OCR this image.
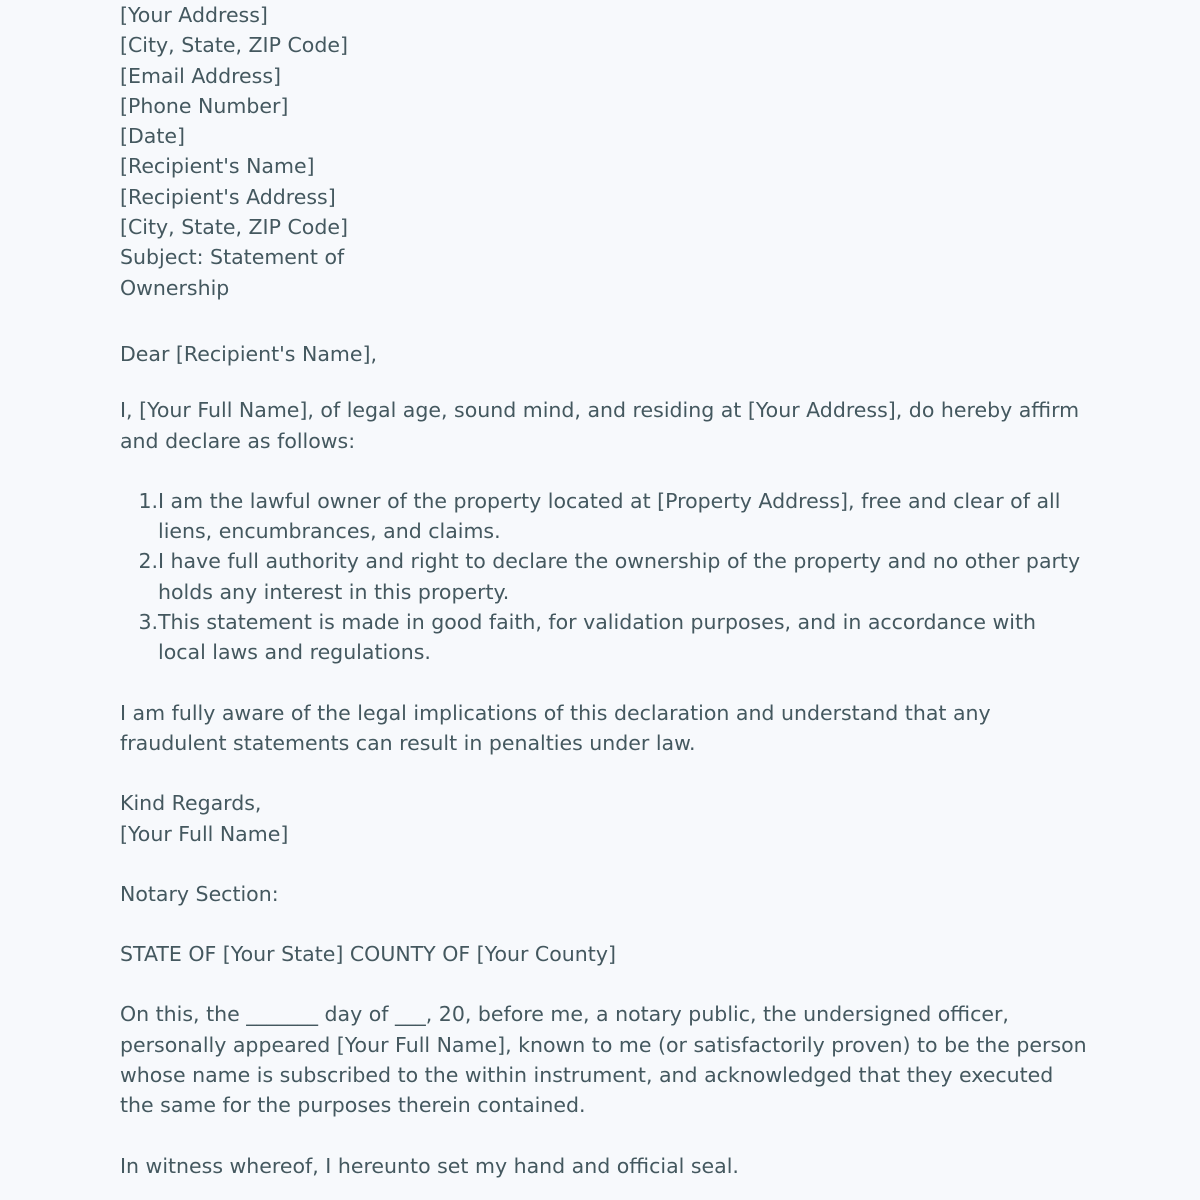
[Your Address]
[City, State, ZIP Code]
[Email Address]
[Phone Number]
[Date]
[Recipient's Name]
[Recipient's Address]
[City, State, ZIP Code]
Subject: Statement of
Ownership
Dear [Recipient's Name],
I, [Your Full Name], of legal age, sound mind, and residing at [Your Address], do hereby affirm
and declare as follows:
1. I am the lawful owner of the property located at [Property Address], free and clear of all
liens, encumbrances, and claims.
2. I have full authority and right to declare the ownership of the property and no other party
holds any interest in this property.
3. This statement is made in good faith, for validation purposes, and in accordance with
local laws and regulations.
I am fully aware of the legal implications of this declaration and understand that any
fraudulent statements can result in penalties under law.
Kind Regards,
[Your Full Name]
Notary Section:
STATE OF [Your State] COUNTY OF [Your County]
On this, the _______ day of ___, 20, before me, a notary public, the undersigned officer,
personally appeared [Your Full Name], known to me (or satisfactorily proven) to be the person
whose name is subscribed to the within instrument, and acknowledged that they executed
the same for the purposes therein contained.
In witness whereof, I hereunto set my hand and official seal.
